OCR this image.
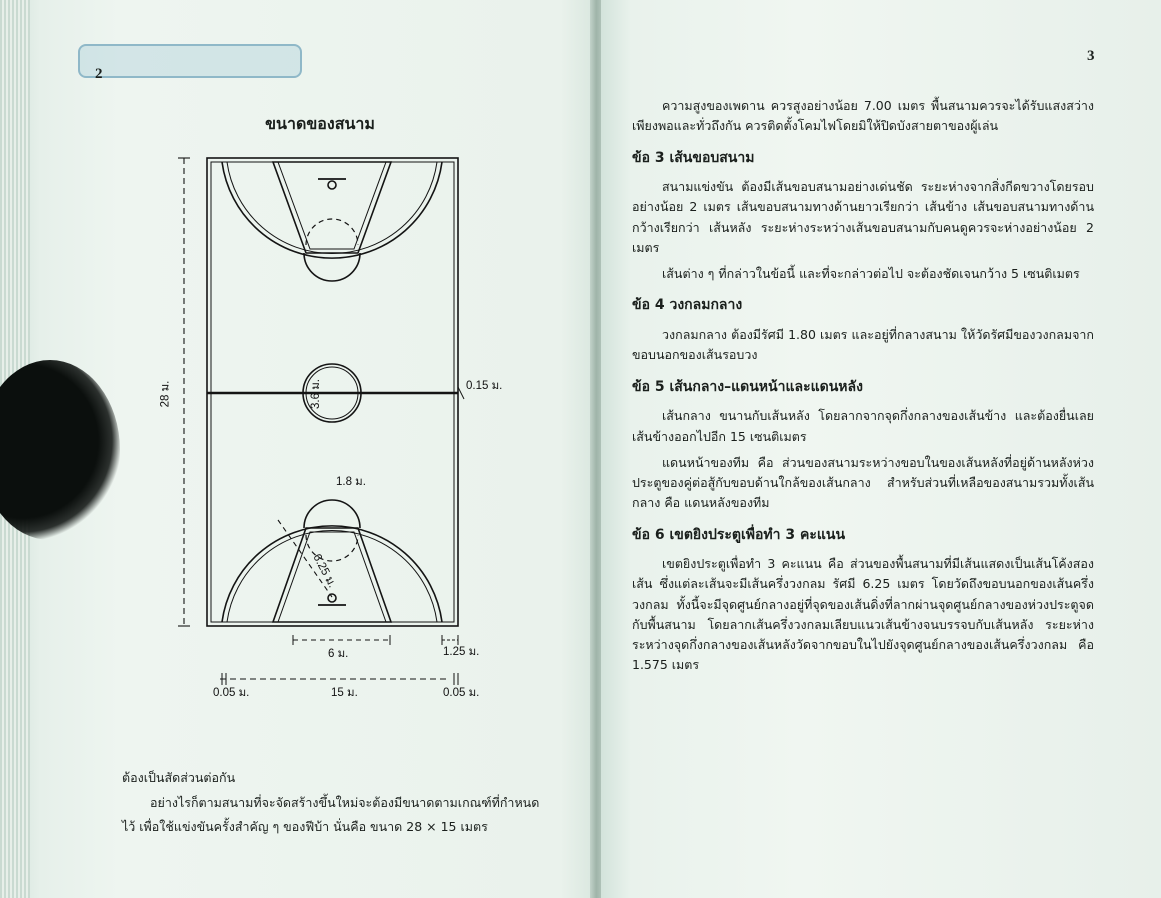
2
ขนาดของสนาม
28 ม.	3.6 ม.	0.15 ม.
1.8 ม.
6.25 ม.
6 ม.	1.25 ม.
0.05 ม.	15 ม.	0.05 ม.

ต้องเป็นสัดส่วนต่อกัน

อย่างไรก็ตามสนามที่จะจัดสร้างขึ้นใหม่จะต้องมีขนาดตามเกณฑ์ที่กำหนด

ไว้ เพื่อใช้แข่งขันครั้งสำคัญ ๆ ของฟีบ้า นั่นคือ ขนาด 28 × 15 เมตร

3

ความสูงของเพดาน ควรสูงอย่างน้อย 7.00 เมตร พื้นสนามควรจะได้รับแสงสว่างเพียงพอและทั่วถึงกัน ควรติดตั้งโคมไฟโดยมิให้ปิดบังสายตาของผู้เล่น

ข้อ 3 เส้นขอบสนาม

สนามแข่งขัน ต้องมีเส้นขอบสนามอย่างเด่นชัด ระยะห่างจากสิ่งกีดขวางโดยรอบอย่างน้อย 2 เมตร เส้นขอบสนามทางด้านยาวเรียกว่า เส้นข้าง เส้นขอบสนามทางด้านกว้างเรียกว่า เส้นหลัง ระยะห่างระหว่างเส้นขอบสนามกับคนดูควรจะห่างอย่างน้อย 2 เมตร

เส้นต่าง ๆ ที่กล่าวในข้อนี้ และที่จะกล่าวต่อไป จะต้องชัดเจนกว้าง 5 เซนติเมตร

ข้อ 4 วงกลมกลาง

วงกลมกลาง ต้องมีรัศมี 1.80 เมตร และอยู่ที่กลางสนาม ให้วัดรัศมีของวงกลมจากขอบนอกของเส้นรอบวง

ข้อ 5 เส้นกลาง–แดนหน้าและแดนหลัง

เส้นกลาง ขนานกับเส้นหลัง โดยลากจากจุดกึ่งกลางของเส้นข้าง และต้องยื่นเลยเส้นข้างออกไปอีก 15 เซนติเมตร

แดนหน้าของทีม คือ ส่วนของสนามระหว่างขอบในของเส้นหลังที่อยู่ด้านหลังห่วงประตูของคู่ต่อสู้กับขอบด้านใกล้ของเส้นกลาง สำหรับส่วนที่เหลือของสนามรวมทั้งเส้นกลาง คือ แดนหลังของทีม

ข้อ 6 เขตยิงประตูเพื่อทำ 3 คะแนน

เขตยิงประตูเพื่อทำ 3 คะแนน คือ ส่วนของพื้นสนามที่มีเส้นแสดงเป็นเส้นโค้งสองเส้น ซึ่งแต่ละเส้นจะมีเส้นครึ่งวงกลม รัศมี 6.25 เมตร โดยวัดถึงขอบนอกของเส้นครึ่งวงกลม ทั้งนี้จะมีจุดศูนย์กลางอยู่ที่จุดของเส้นดิ่งที่ลากผ่านจุดศูนย์กลางของห่วงประตูจดกับพื้นสนาม โดยลากเส้นครึ่งวงกลมเลียบแนวเส้นข้างจนบรรจบกับเส้นหลัง ระยะห่างระหว่างจุดกึ่งกลางของเส้นหลังวัดจากขอบในไปยังจุดศูนย์กลางของเส้นครึ่งวงกลม คือ 1.575 เมตร
